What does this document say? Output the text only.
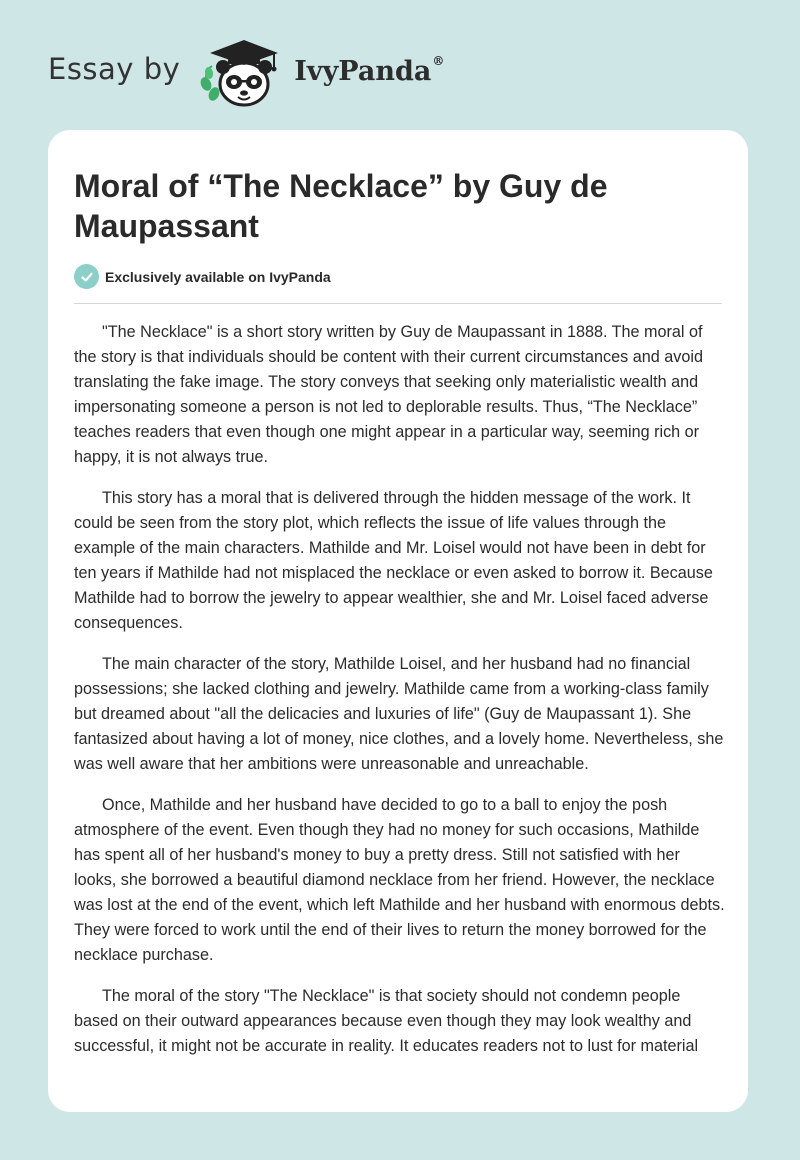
Essay by	IvyPanda®
Moral of “The Necklace” by Guy de Maupassant
Exclusively available on IvyPanda

"The Necklace" is a short story written by Guy de Maupassant in 1888. The moral of the story is that individuals should be content with their current circumstances and avoid translating the fake image. The story conveys that seeking only materialistic wealth and impersonating someone a person is not led to deplorable results. Thus, “The Necklace” teaches readers that even though one might appear in a particular way, seeming rich or happy, it is not always true.

This story has a moral that is delivered through the hidden message of the work. It could be seen from the story plot, which reflects the issue of life values through the example of the main characters. Mathilde and Mr. Loisel would not have been in debt for ten years if Mathilde had not misplaced the necklace or even asked to borrow it. Because Mathilde had to borrow the jewelry to appear wealthier, she and Mr. Loisel faced adverse consequences.

The main character of the story, Mathilde Loisel, and her husband had no financial possessions; she lacked clothing and jewelry. Mathilde came from a working-class family but dreamed about "all the delicacies and luxuries of life" (Guy de Maupassant 1). She fantasized about having a lot of money, nice clothes, and a lovely home. Nevertheless, she was well aware that her ambitions were unreasonable and unreachable.

Once, Mathilde and her husband have decided to go to a ball to enjoy the posh atmosphere of the event. Even though they had no money for such occasions, Mathilde has spent all of her husband's money to buy a pretty dress. Still not satisfied with her looks, she borrowed a beautiful diamond necklace from her friend. However, the necklace was lost at the end of the event, which left Mathilde and her husband with enormous debts. They were forced to work until the end of their lives to return the money borrowed for the necklace purchase.

The moral of the story "The Necklace" is that society should not condemn people based on their outward appearances because even though they may look wealthy and successful, it might not be accurate in reality. It educates readers not to lust for material
